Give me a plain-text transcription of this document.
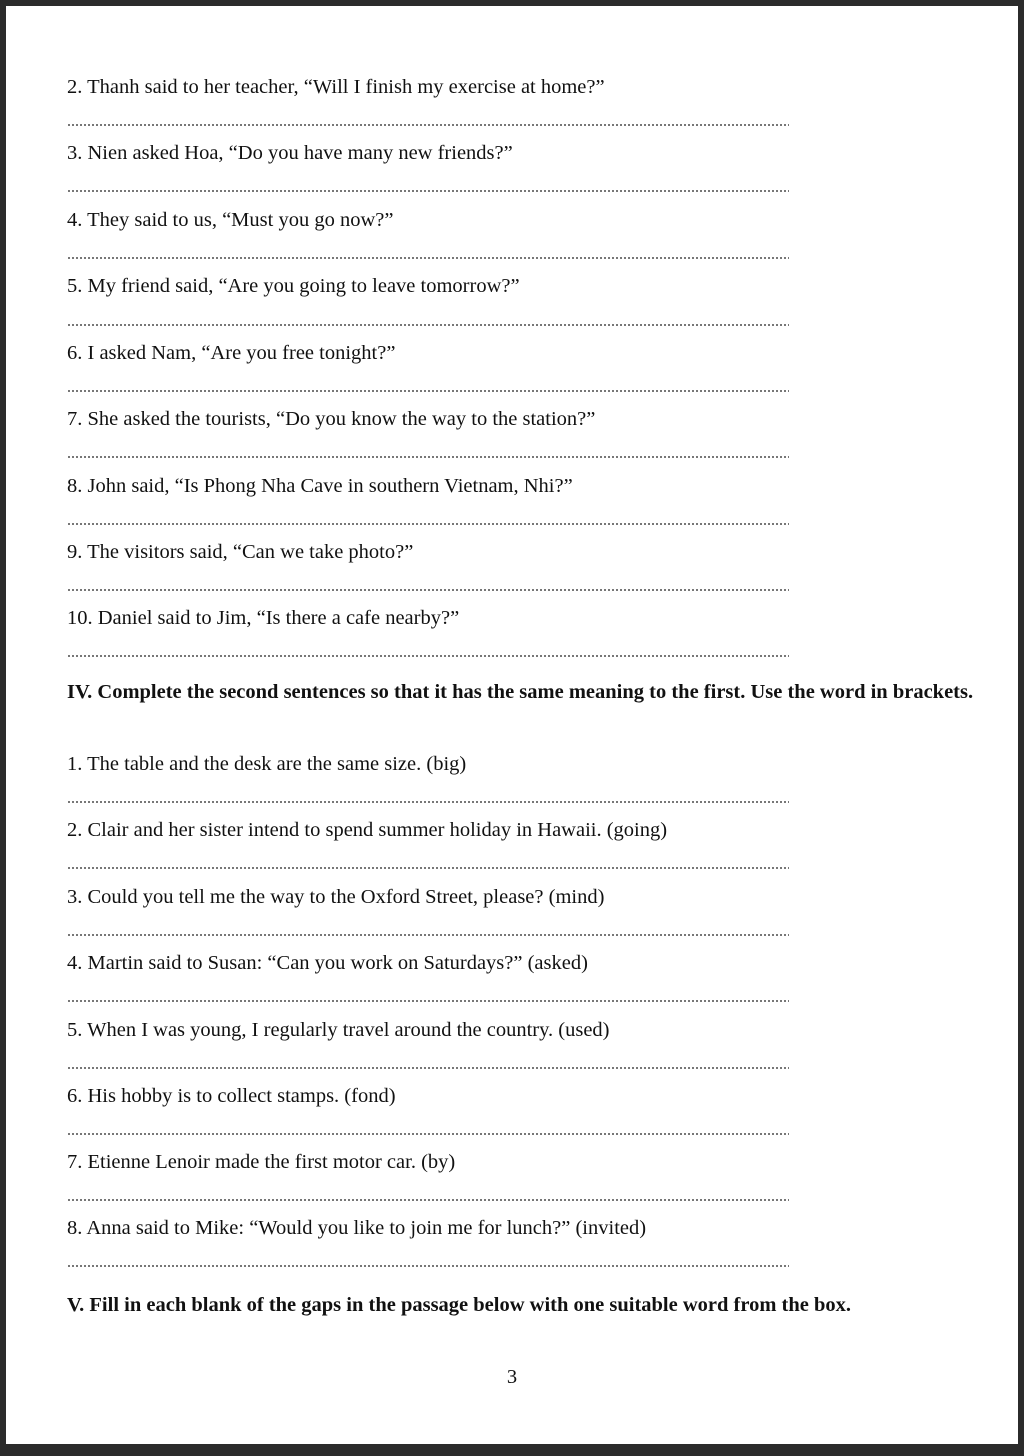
2. Thanh said to her teacher, “Will I finish my exercise at home?”
3. Nien asked Hoa, “Do you have many new friends?”
4. They said to us, “Must you go now?”
5. My friend said, “Are you going to leave tomorrow?”
6. I asked Nam, “Are you free tonight?”
7. She asked the tourists, “Do you know the way to the station?”
8. John said, “Is Phong Nha Cave in southern Vietnam, Nhi?”
9. The visitors said, “Can we take photo?”
10. Daniel said to Jim, “Is there a cafe nearby?”
IV. Complete the second sentences so that it has the same meaning to the first. Use the word in brackets.
1. The table and the desk are the same size. (big)
2. Clair and her sister intend to spend summer holiday in Hawaii. (going)
3. Could you tell me the way to the Oxford Street, please? (mind)
4. Martin said to Susan: “Can you work on Saturdays?” (asked)
5. When I was young, I regularly travel around the country. (used)
6. His hobby is to collect stamps. (fond)
7. Etienne Lenoir made the first motor car. (by)
8. Anna said to Mike: “Would you like to join me for lunch?” (invited)
V. Fill in each blank of the gaps in the passage below with one suitable word from the box.
3
